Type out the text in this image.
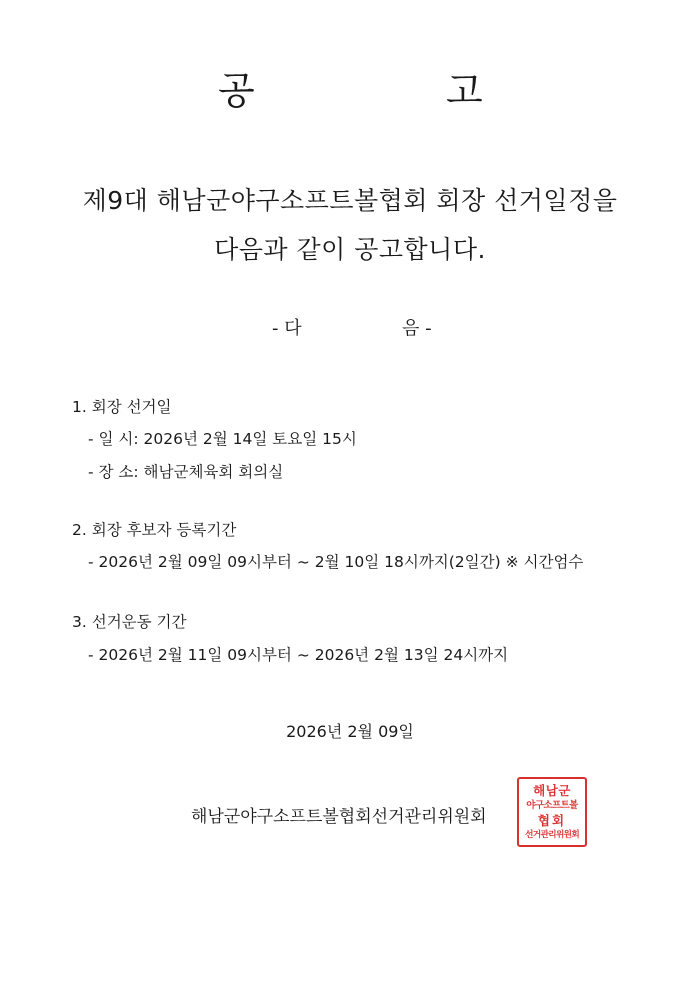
공	고
제9대 해남군야구소프트볼협회 회장 선거일정을
다음과 같이 공고합니다.
- 다	음 -
1. 회장 선거일
- 일 시: 2026년 2월 14일 토요일 15시
- 장 소: 해남군체육회 회의실
2. 회장 후보자 등록기간
- 2026년 2월 09일 09시부터 ~ 2월 10일 18시까지(2일간) ※ 시간엄수
3. 선거운동 기간
- 2026년 2월 11일 09시부터 ~ 2026년 2월 13일 24시까지
2026년 2월 09일
해남군야구소프트볼협회선거관리위원회
해남군
야구소프트볼
협회
선거관리위원회
